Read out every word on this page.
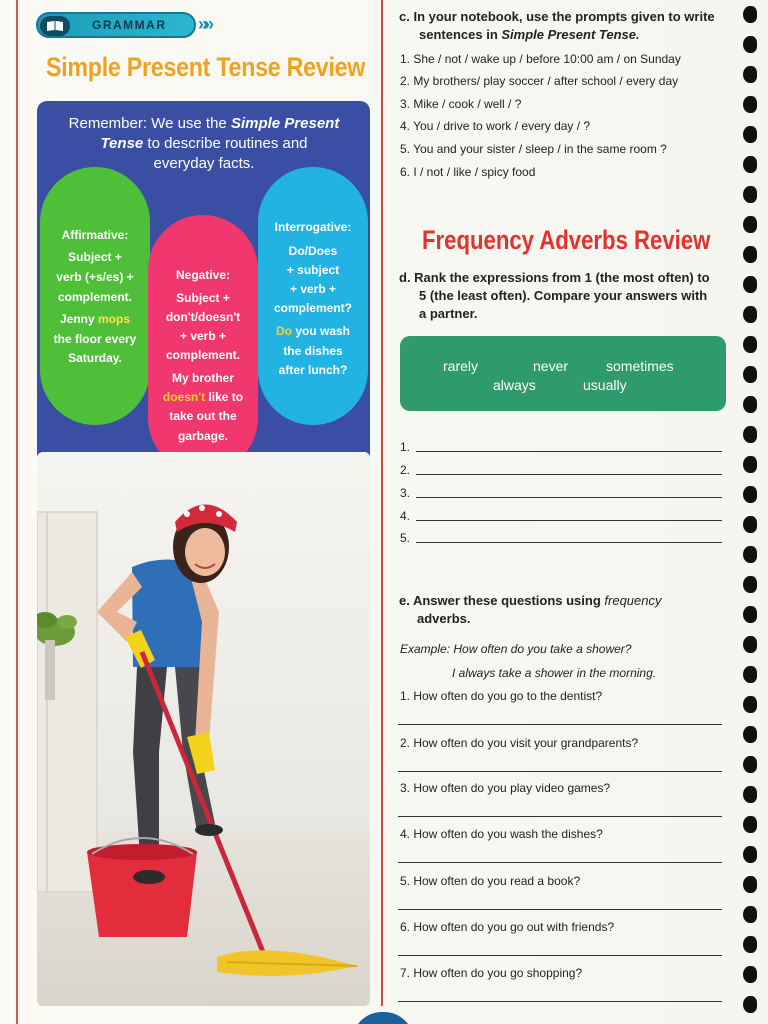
GRAMMAR »»
Simple Present Tense Review
Remember: We use the Simple Present
Tense to describe routines and
everyday facts.
Affirmative:
Subject +
verb (+s/es) +
complement.
Jenny mops
the floor every
Saturday.
Interrogative:
Do/Does
+ subject
+ verb +
complement?
Do you wash
the dishes
after lunch?
Negative:
Subject +
don't/doesn't
+ verb +
complement.
My brother
doesn't like to
take out the
garbage.
c. In your notebook, use the prompts given to write
sentences in Simple Present Tense.
1. She / not / wake up / before 10:00 am / on Sunday
2. My brothers/ play soccer / after school / every day
3. Mike / cook / well / ?
4. You / drive to work / every day / ?
5. You and your sister / sleep / in the same room ?
6. I / not / like / spicy food
Frequency Adverbs Review
d. Rank the expressions from 1 (the most often) to
5 (the least often). Compare your answers with
a partner.
rarely	never	sometimes
always	usually
1.
2.
3.
4.
5.
e. Answer these questions using frequency
adverbs.
Example: How often do you take a shower?
I always take a shower in the morning.
1. How often do you go to the dentist?
2. How often do you visit your grandparents?
3. How often do you play video games?
4. How often do you wash the dishes?
5. How often do you read a book?
6. How often do you go out with friends?
7. How often do you go shopping?
